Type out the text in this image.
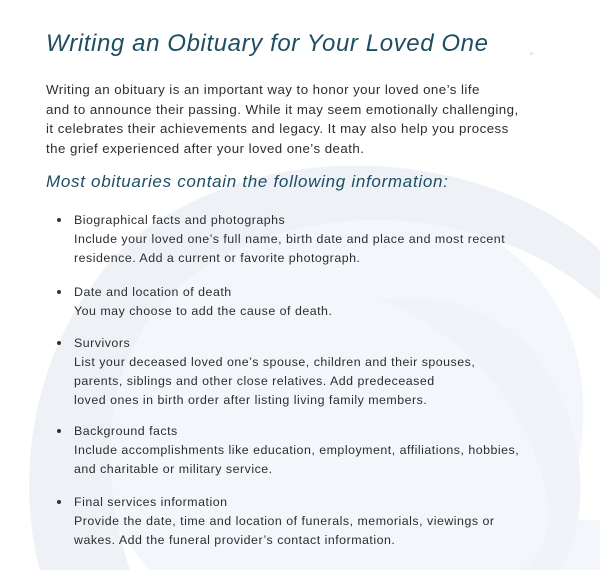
Writing an Obituary for Your Loved One

Writing an obituary is an important way to honor your loved one’s life
and to announce their passing. While it may seem emotionally challenging,
it celebrates their achievements and legacy. It may also help you process
the grief experienced after your loved one’s death.

Most obituaries contain the following information:
Biographical facts and photographs
Include your loved one’s full name, birth date and place and most recent
residence. Add a current or favorite photograph.
Date and location of death
You may choose to add the cause of death.
Survivors
List your deceased loved one’s spouse, children and their spouses,
parents, siblings and other close relatives. Add predeceased
loved ones in birth order after listing living family members.
Background facts
Include accomplishments like education, employment, affiliations, hobbies,
and charitable or military service.
Final services information
Provide the date, time and location of funerals, memorials, viewings or
wakes. Add the funeral provider’s contact information.
